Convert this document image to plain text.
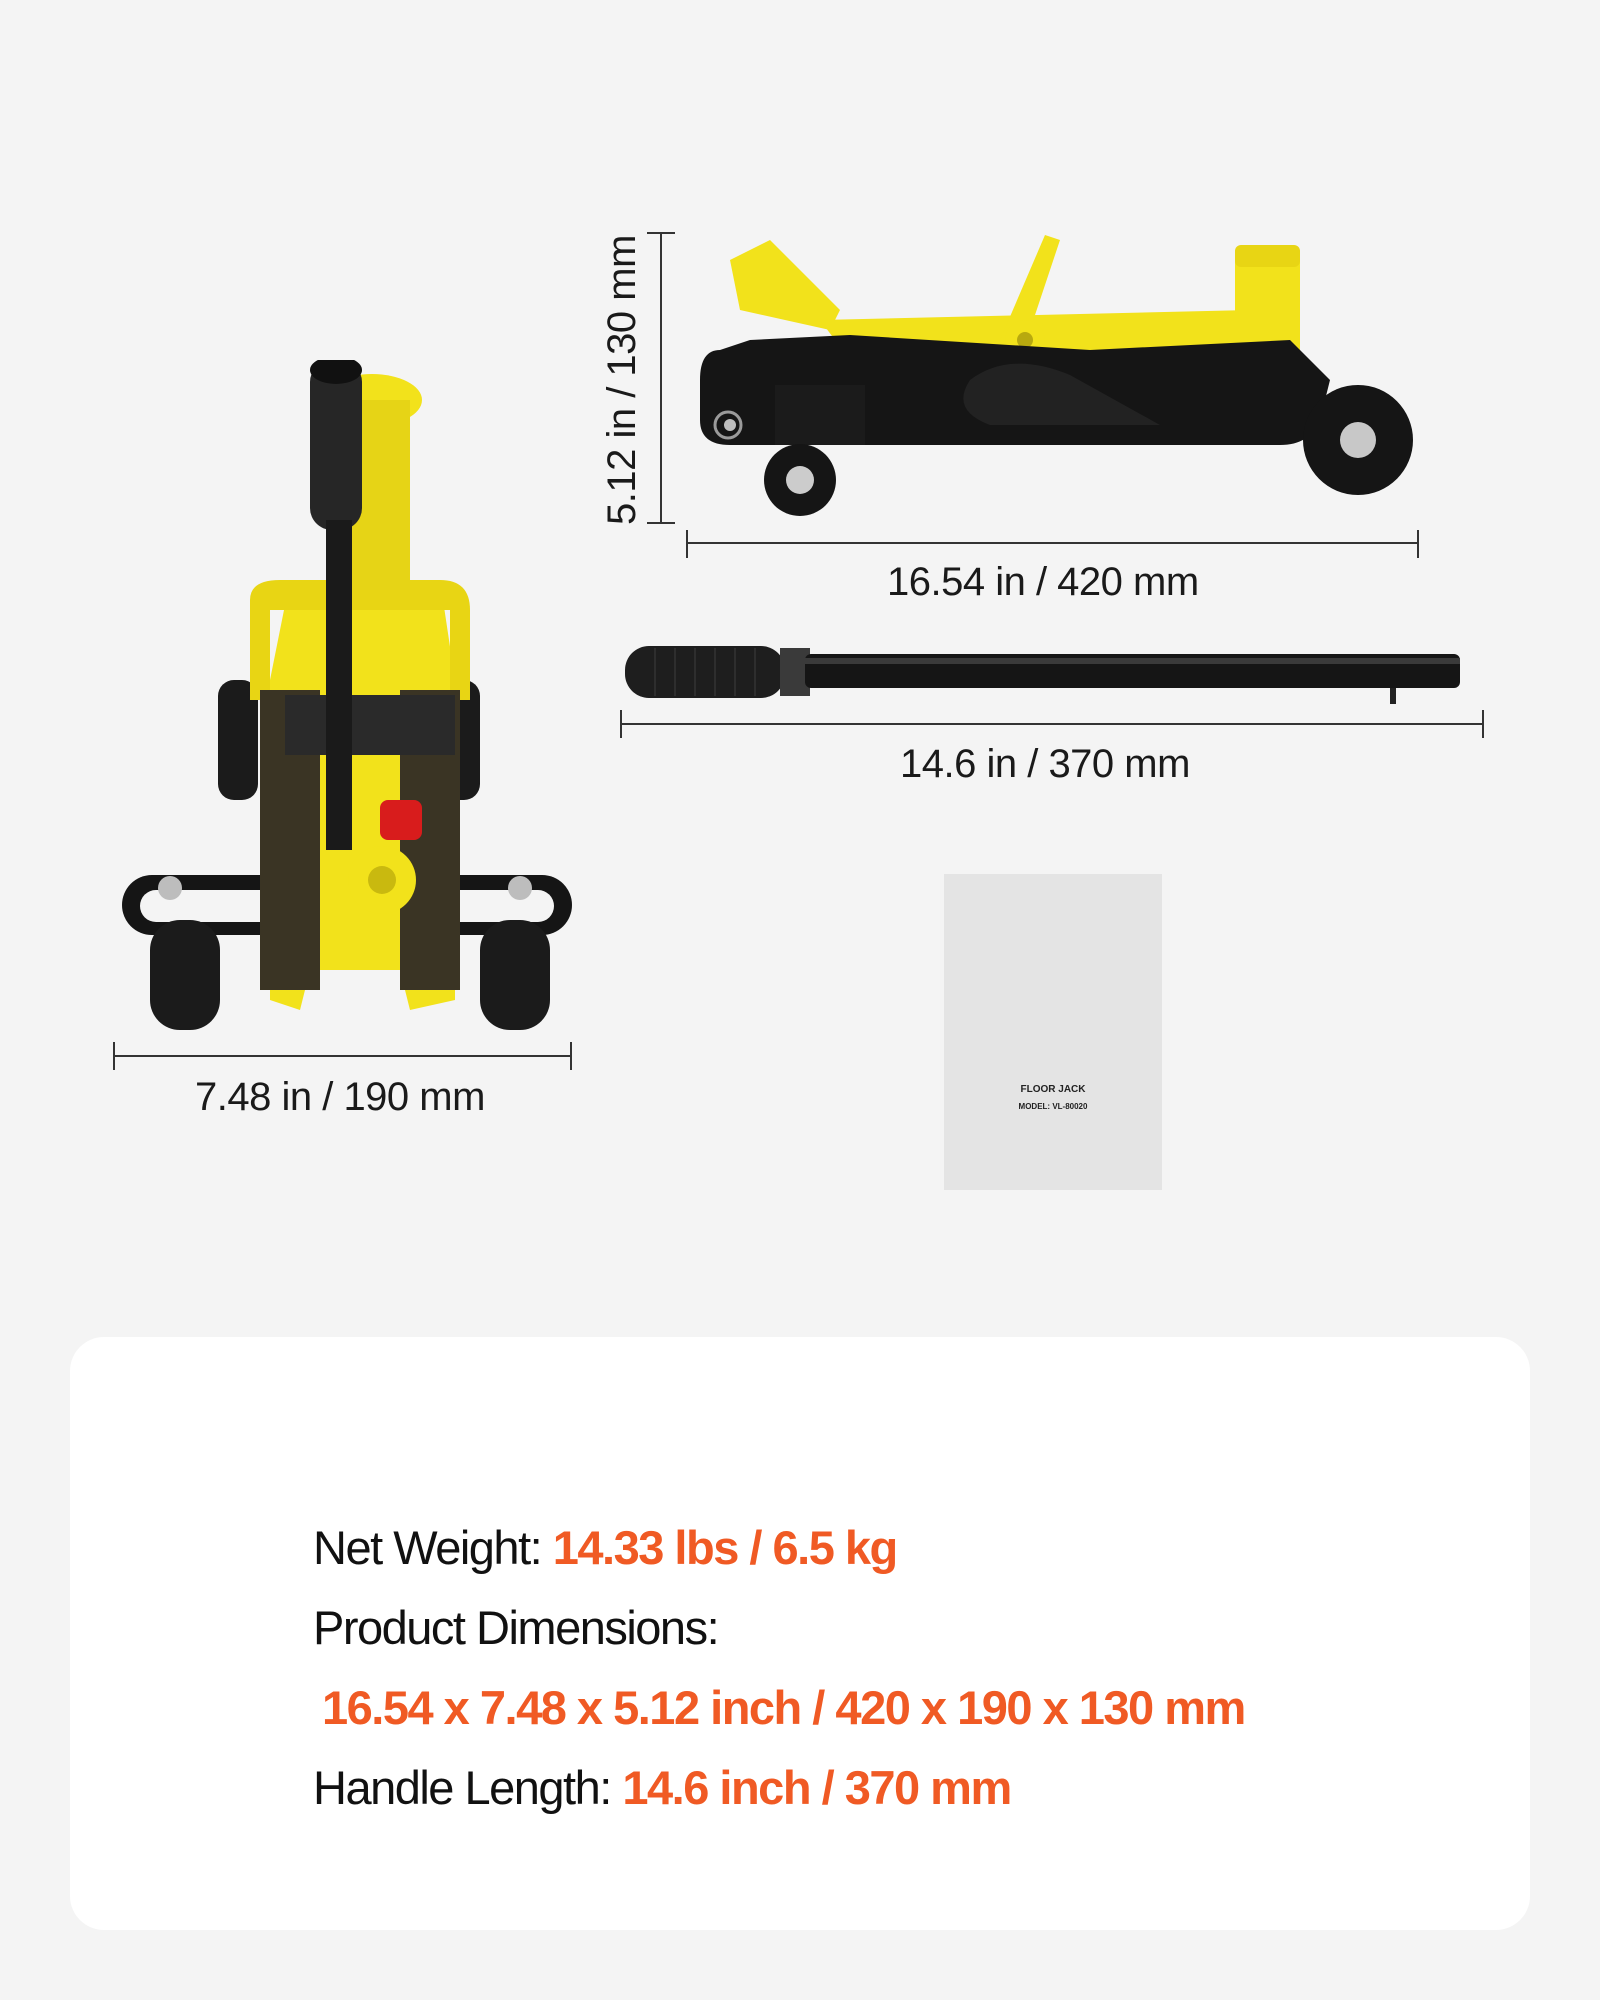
7.48 in / 190 mm
5.12 in / 130 mm
16.54 in / 420 mm
14.6 in / 370 mm
FLOOR JACK
MODEL: VL-80020
Net Weight: 14.33 lbs / 6.5 kg
Product Dimensions:
16.54 x 7.48 x 5.12 inch / 420 x 190 x 130 mm
Handle Length: 14.6 inch / 370 mm
